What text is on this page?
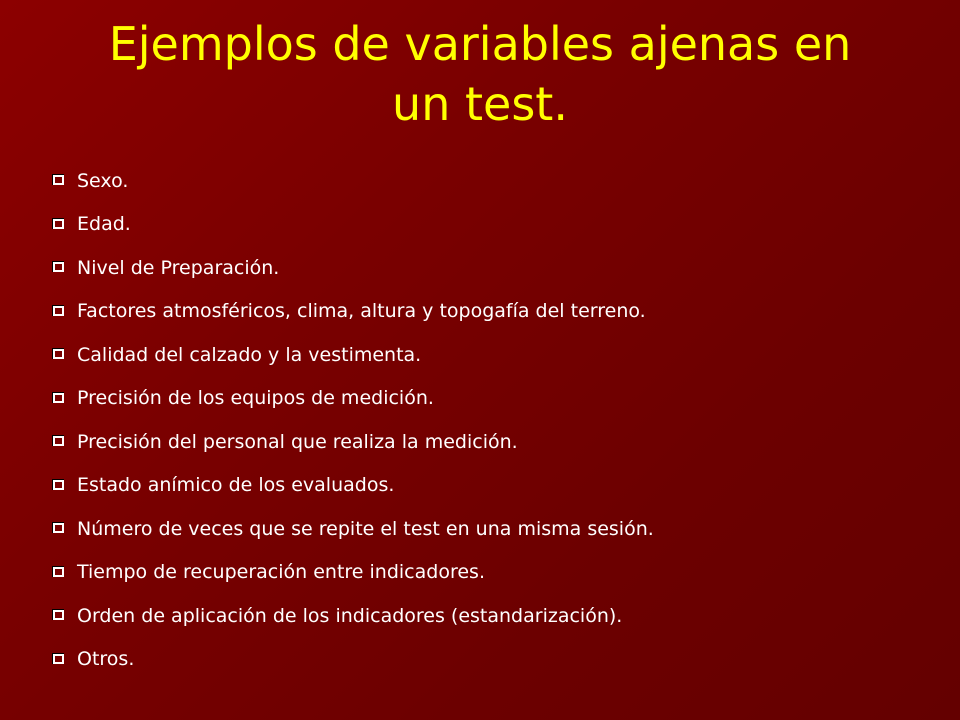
Ejemplos de variables ajenas en
un test.
Sexo.
Edad.
Nivel de Preparación.
Factores atmosféricos, clima, altura y topogafía del terreno.
Calidad del calzado y la vestimenta.
Precisión de los equipos de medición.
Precisión del personal que realiza la medición.
Estado anímico de los evaluados.
Número de veces que se repite el test en una misma sesión.
Tiempo de recuperación entre indicadores.
Orden de aplicación de los indicadores (estandarización).
Otros.
